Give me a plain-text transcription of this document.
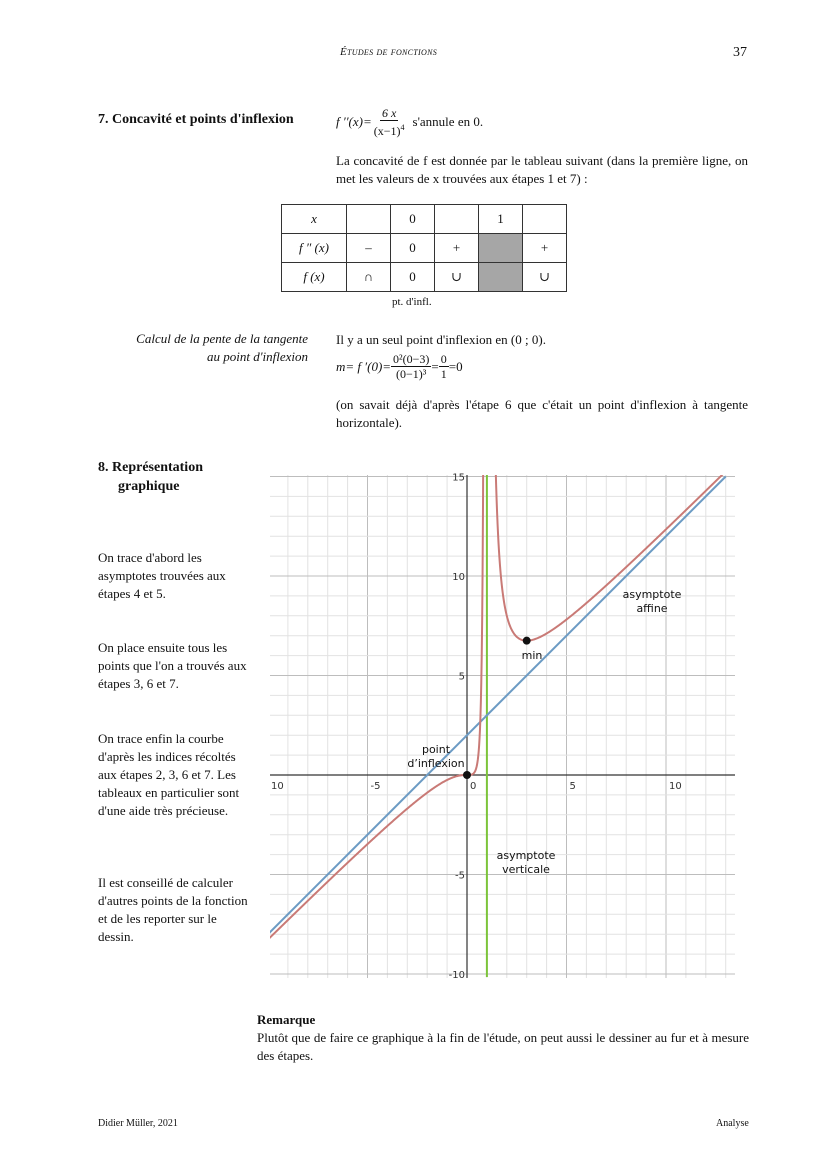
Études de fonctions	37
7. Concavité et points d'inflexion	f $''(x)= \frac{6 x}{(x-1)^4}$ s'annule en 0.
La concavité de f est donnée par le tableau suivant (dans la première ligne, on met les valeurs de x trouvées aux étapes 1 et 7) :
x		0		1	
f ″ (x)	–	0	+		+
f (x)	∩	0	∪		∪
pt. d'infl.
Calcul de la pente de la tangente
au point d'inflexion
Il y a un seul point d'inflexion en (0 ; 0).
m= f $'(0)= \frac{\text{0²(0−3)}}{\text{(0−1)³}} = \frac{0}{1} =0$
(on savait déjà d'après l'étape 6 que c'était un point d'inflexion à tangente horizontale).
8. Représentation
graphique
On trace d'abord les asymptotes trouvées aux étapes 4 et 5.
On place ensuite tous les points que l'on a trouvés aux étapes 3, 6 et 7.
On trace enfin la courbe d'après les indices récoltés aux étapes 2, 3, 6 et 7. Les tableaux en particulier sont d'une aide très précieuse.
Il est conseillé de calculer d'autres points de la fonction et de les reporter sur le dessin.
10	-5	0	5	10
15
10
5
-5
-10
asymptote
affine
min
point
d’inflexion
asymptote
verticale
Remarque
Plutôt que de faire ce graphique à la fin de l'étude, on peut aussi le dessiner au fur et à mesure des étapes.
Didier Müller, 2021	Analyse
